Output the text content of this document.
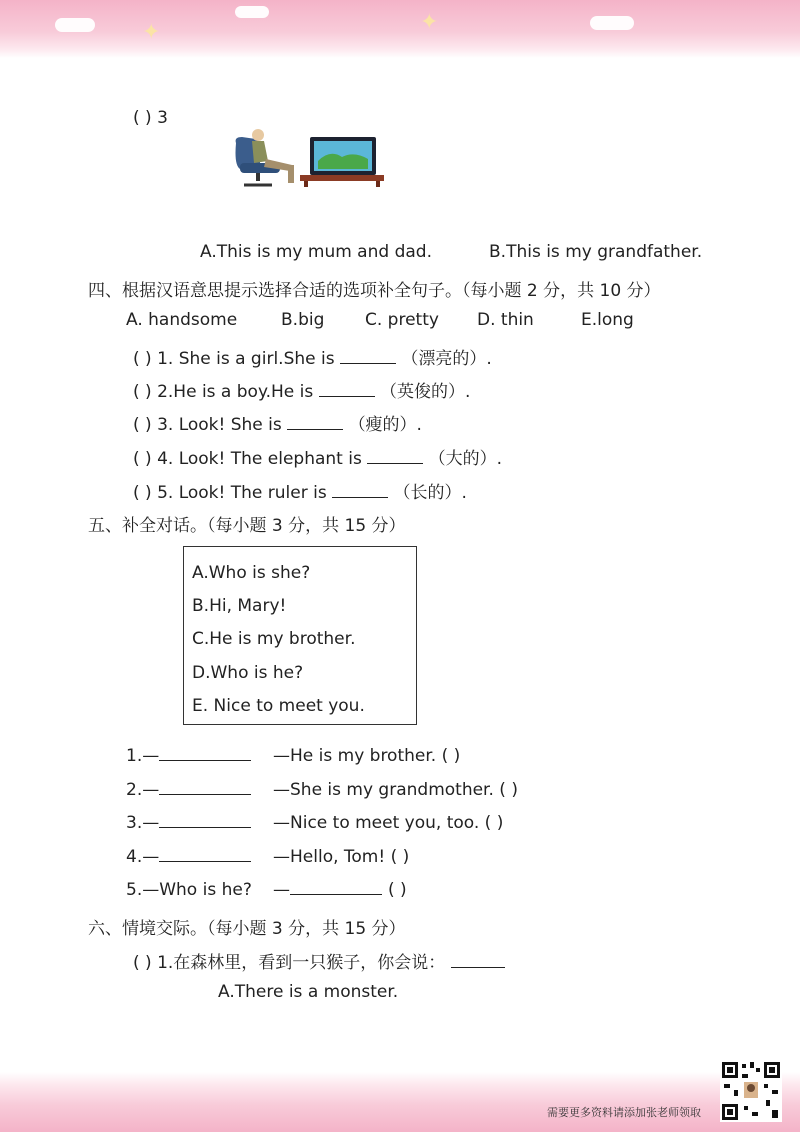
✦	✦
( ) 3
A.This is my mum and dad.	B.This is my grandfather.
四、根据汉语意思提示选择合适的选项补全句子。（每小题 2 分，共 10 分）
A. handsome	B.big C. pretty D. thin	E.long
( ) 1. She is a girl.She is	（漂亮的）.
( ) 2.He is a boy.He is	（英俊的）.
( ) 3. Look! She is	（瘦的）.
( ) 4. Look! The elephant is	（大的）.
( ) 5. Look! The ruler is	（长的）.
五、补全对话。（每小题 3 分，共 15 分）
A.Who is she?
B.Hi, Mary!
C.He is my brother.
D.Who is he?
E. Nice to meet you.
1.—	—He is my brother. ( )
2.—	—She is my grandmother. ( )
3.—	—Nice to meet you, too. ( )
4.—	—Hello, Tom! ( )
5.—Who is he? —	( )
六、情境交际。（每小题 3 分，共 15 分）
( ) 1.在森林里，看到一只猴子，你会说：
A.There is a monster.
需要更多资料请添加张老师领取
